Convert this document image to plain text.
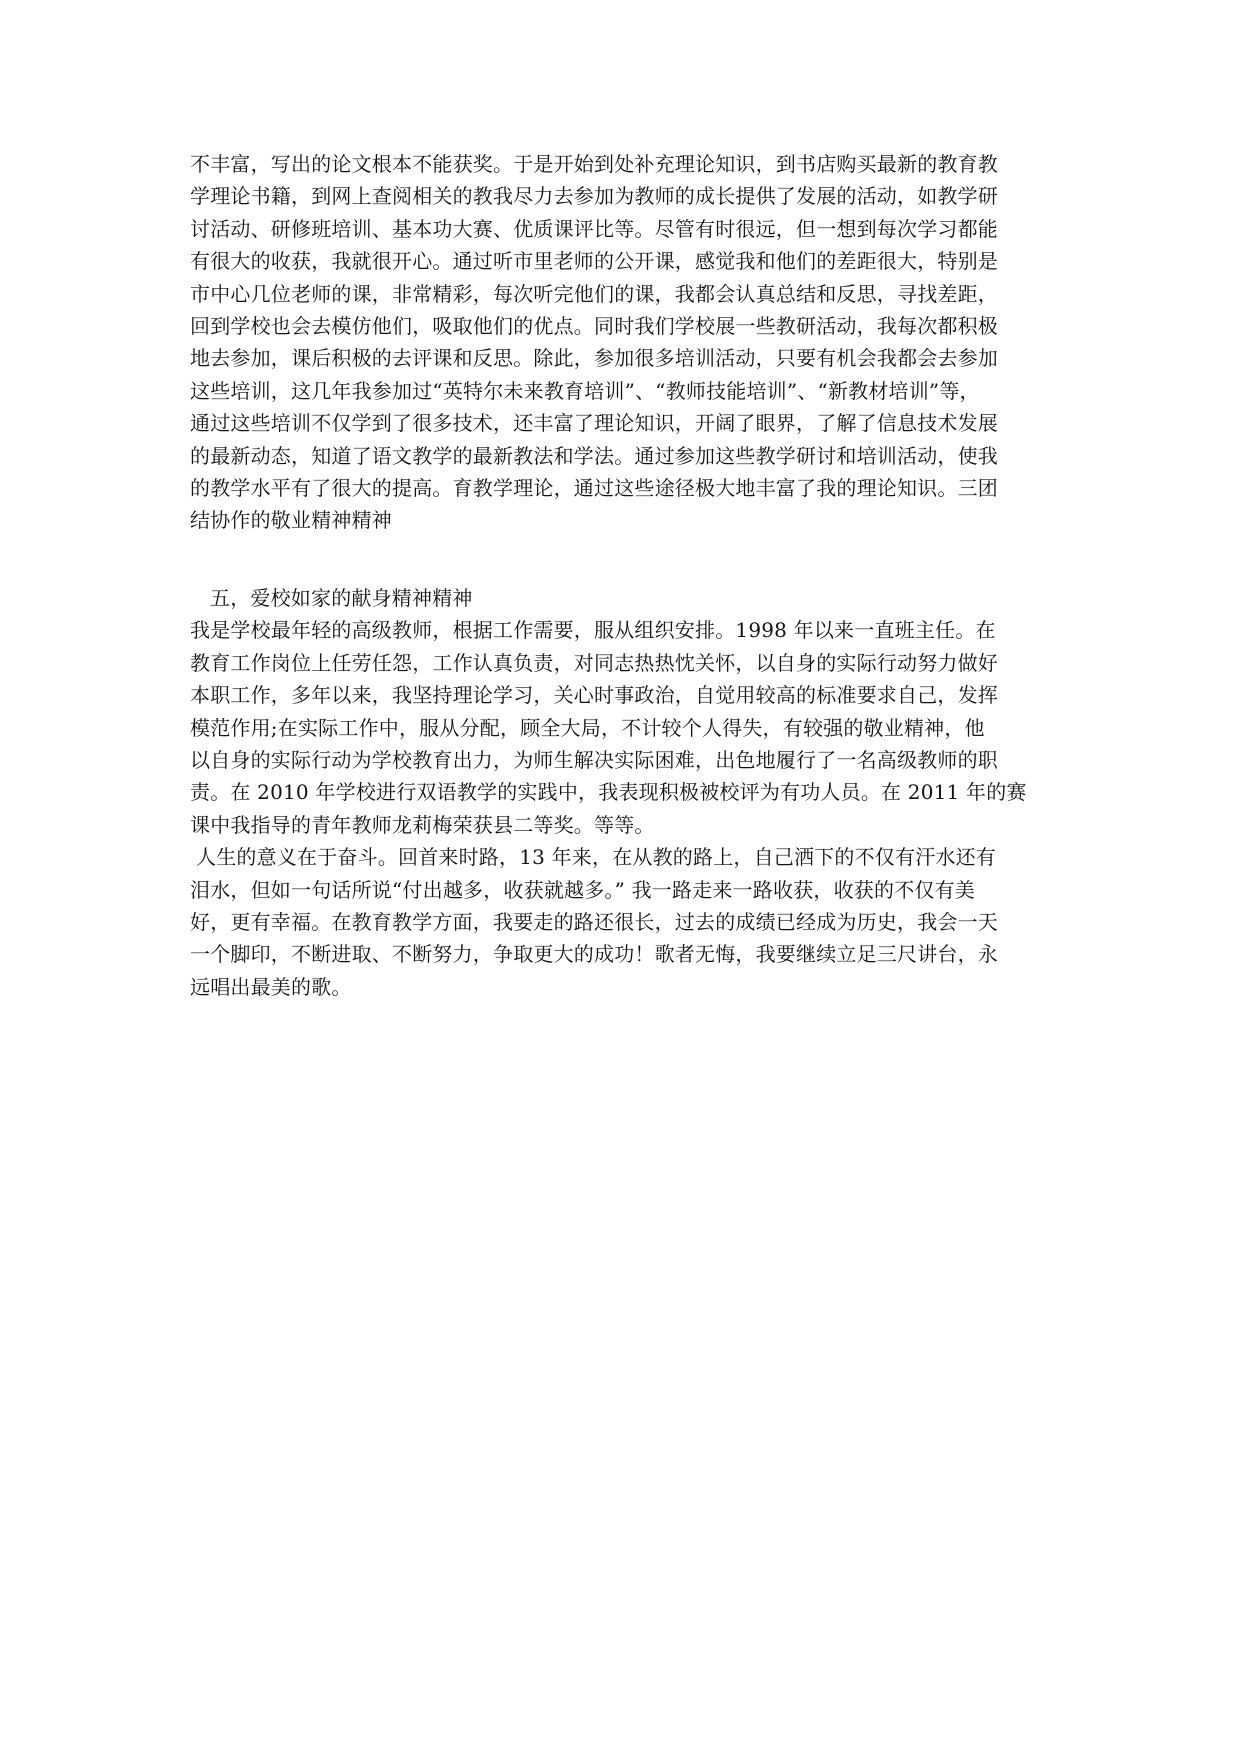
不丰富，写出的论文根本不能获奖。于是开始到处补充理论知识，到书店购买最新的教育教
学理论书籍，到网上查阅相关的教我尽力去参加为教师的成长提供了发展的活动，如教学研
讨活动、研修班培训、基本功大赛、优质课评比等。尽管有时很远，但一想到每次学习都能
有很大的收获，我就很开心。通过听市里老师的公开课，感觉我和他们的差距很大，特别是
市中心几位老师的课，非常精彩，每次听完他们的课，我都会认真总结和反思，寻找差距，
回到学校也会去模仿他们，吸取他们的优点。同时我们学校展一些教研活动，我每次都积极
地去参加，课后积极的去评课和反思。除此，参加很多培训活动，只要有机会我都会去参加
这些培训，这几年我参加过“英特尔未来教育培训”、“教师技能培训”、“新教材培训”等，
通过这些培训不仅学到了很多技术，还丰富了理论知识，开阔了眼界，了解了信息技术发展
的最新动态，知道了语文教学的最新教法和学法。通过参加这些教学研讨和培训活动，使我
的教学水平有了很大的提高。育教学理论，通过这些途径极大地丰富了我的理论知识。三团
结协作的敬业精神精神
五，爱校如家的献身精神精神
我是学校最年轻的高级教师，根据工作需要，服从组织安排。1998 年以来一直班主任。在
教育工作岗位上任劳任怨，工作认真负责，对同志热热忱关怀，以自身的实际行动努力做好
本职工作，多年以来，我坚持理论学习，关心时事政治，自觉用较高的标准要求自己，发挥
模范作用;在实际工作中，服从分配，顾全大局，不计较个人得失，有较强的敬业精神，他
以自身的实际行动为学校教育出力，为师生解决实际困难，出色地履行了一名高级教师的职
责。在 2010 年学校进行双语教学的实践中，我表现积极被校评为有功人员。在 2011 年的赛
课中我指导的青年教师龙莉梅荣获县二等奖。等等。
人生的意义在于奋斗。回首来时路，13 年来，在从教的路上，自己洒下的不仅有汗水还有
泪水，但如一句话所说“付出越多，收获就越多。” 我一路走来一路收获，收获的不仅有美
好，更有幸福。在教育教学方面，我要走的路还很长，过去的成绩已经成为历史，我会一天
一个脚印，不断进取、不断努力，争取更大的成功！歌者无悔，我要继续立足三尺讲台，永
远唱出最美的歌。
